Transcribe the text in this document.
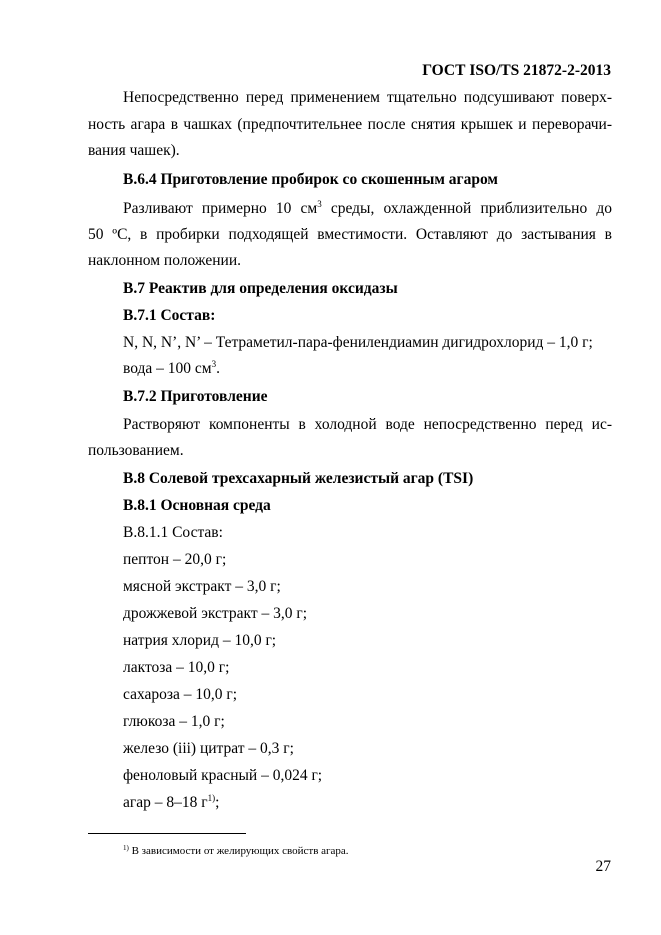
ГОСТ ISO/TS 21872-2-2013
Непосредственно перед применением тщательно подсушивают поверх-
ность агара в чашках (предпочтительнее после снятия крышек и переворачи-
вания чашек).
В.6.4 Приготовление пробирок со скошенным агаром
Разливают примерно 10 $см^3$ среды, охлажденной приблизительно до
50 ºС, в пробирки подходящей вместимости. Оставляют до застывания в
наклонном положении.
В.7 Реактив для определения оксидазы
В.7.1 Состав:
N, N, N’, N’ – Тетраметил-пара-фенилендиамин дигидрохлорид – 1,0 г;
вода – 100 $см^3$.
В.7.2 Приготовление
Растворяют компоненты в холодной воде непосредственно перед ис-
пользованием.
В.8 Солевой трехсахарный железистый агар (TSI)
В.8.1 Основная среда
В.8.1.1 Состав:
пептон – 20,0 г;
мясной экстракт – 3,0 г;
дрожжевой экстракт – 3,0 г;
натрия хлорид – 10,0 г;
лактоза – 10,0 г;
сахароза – 10,0 г;
глюкоза – 1,0 г;
железо (iii) цитрат – 0,3 г;
феноловый красный – 0,024 г;
агар – 8–18 $г^{1)}$;
$^{1)}$ В зависимости от желирующих свойств агара.
27
